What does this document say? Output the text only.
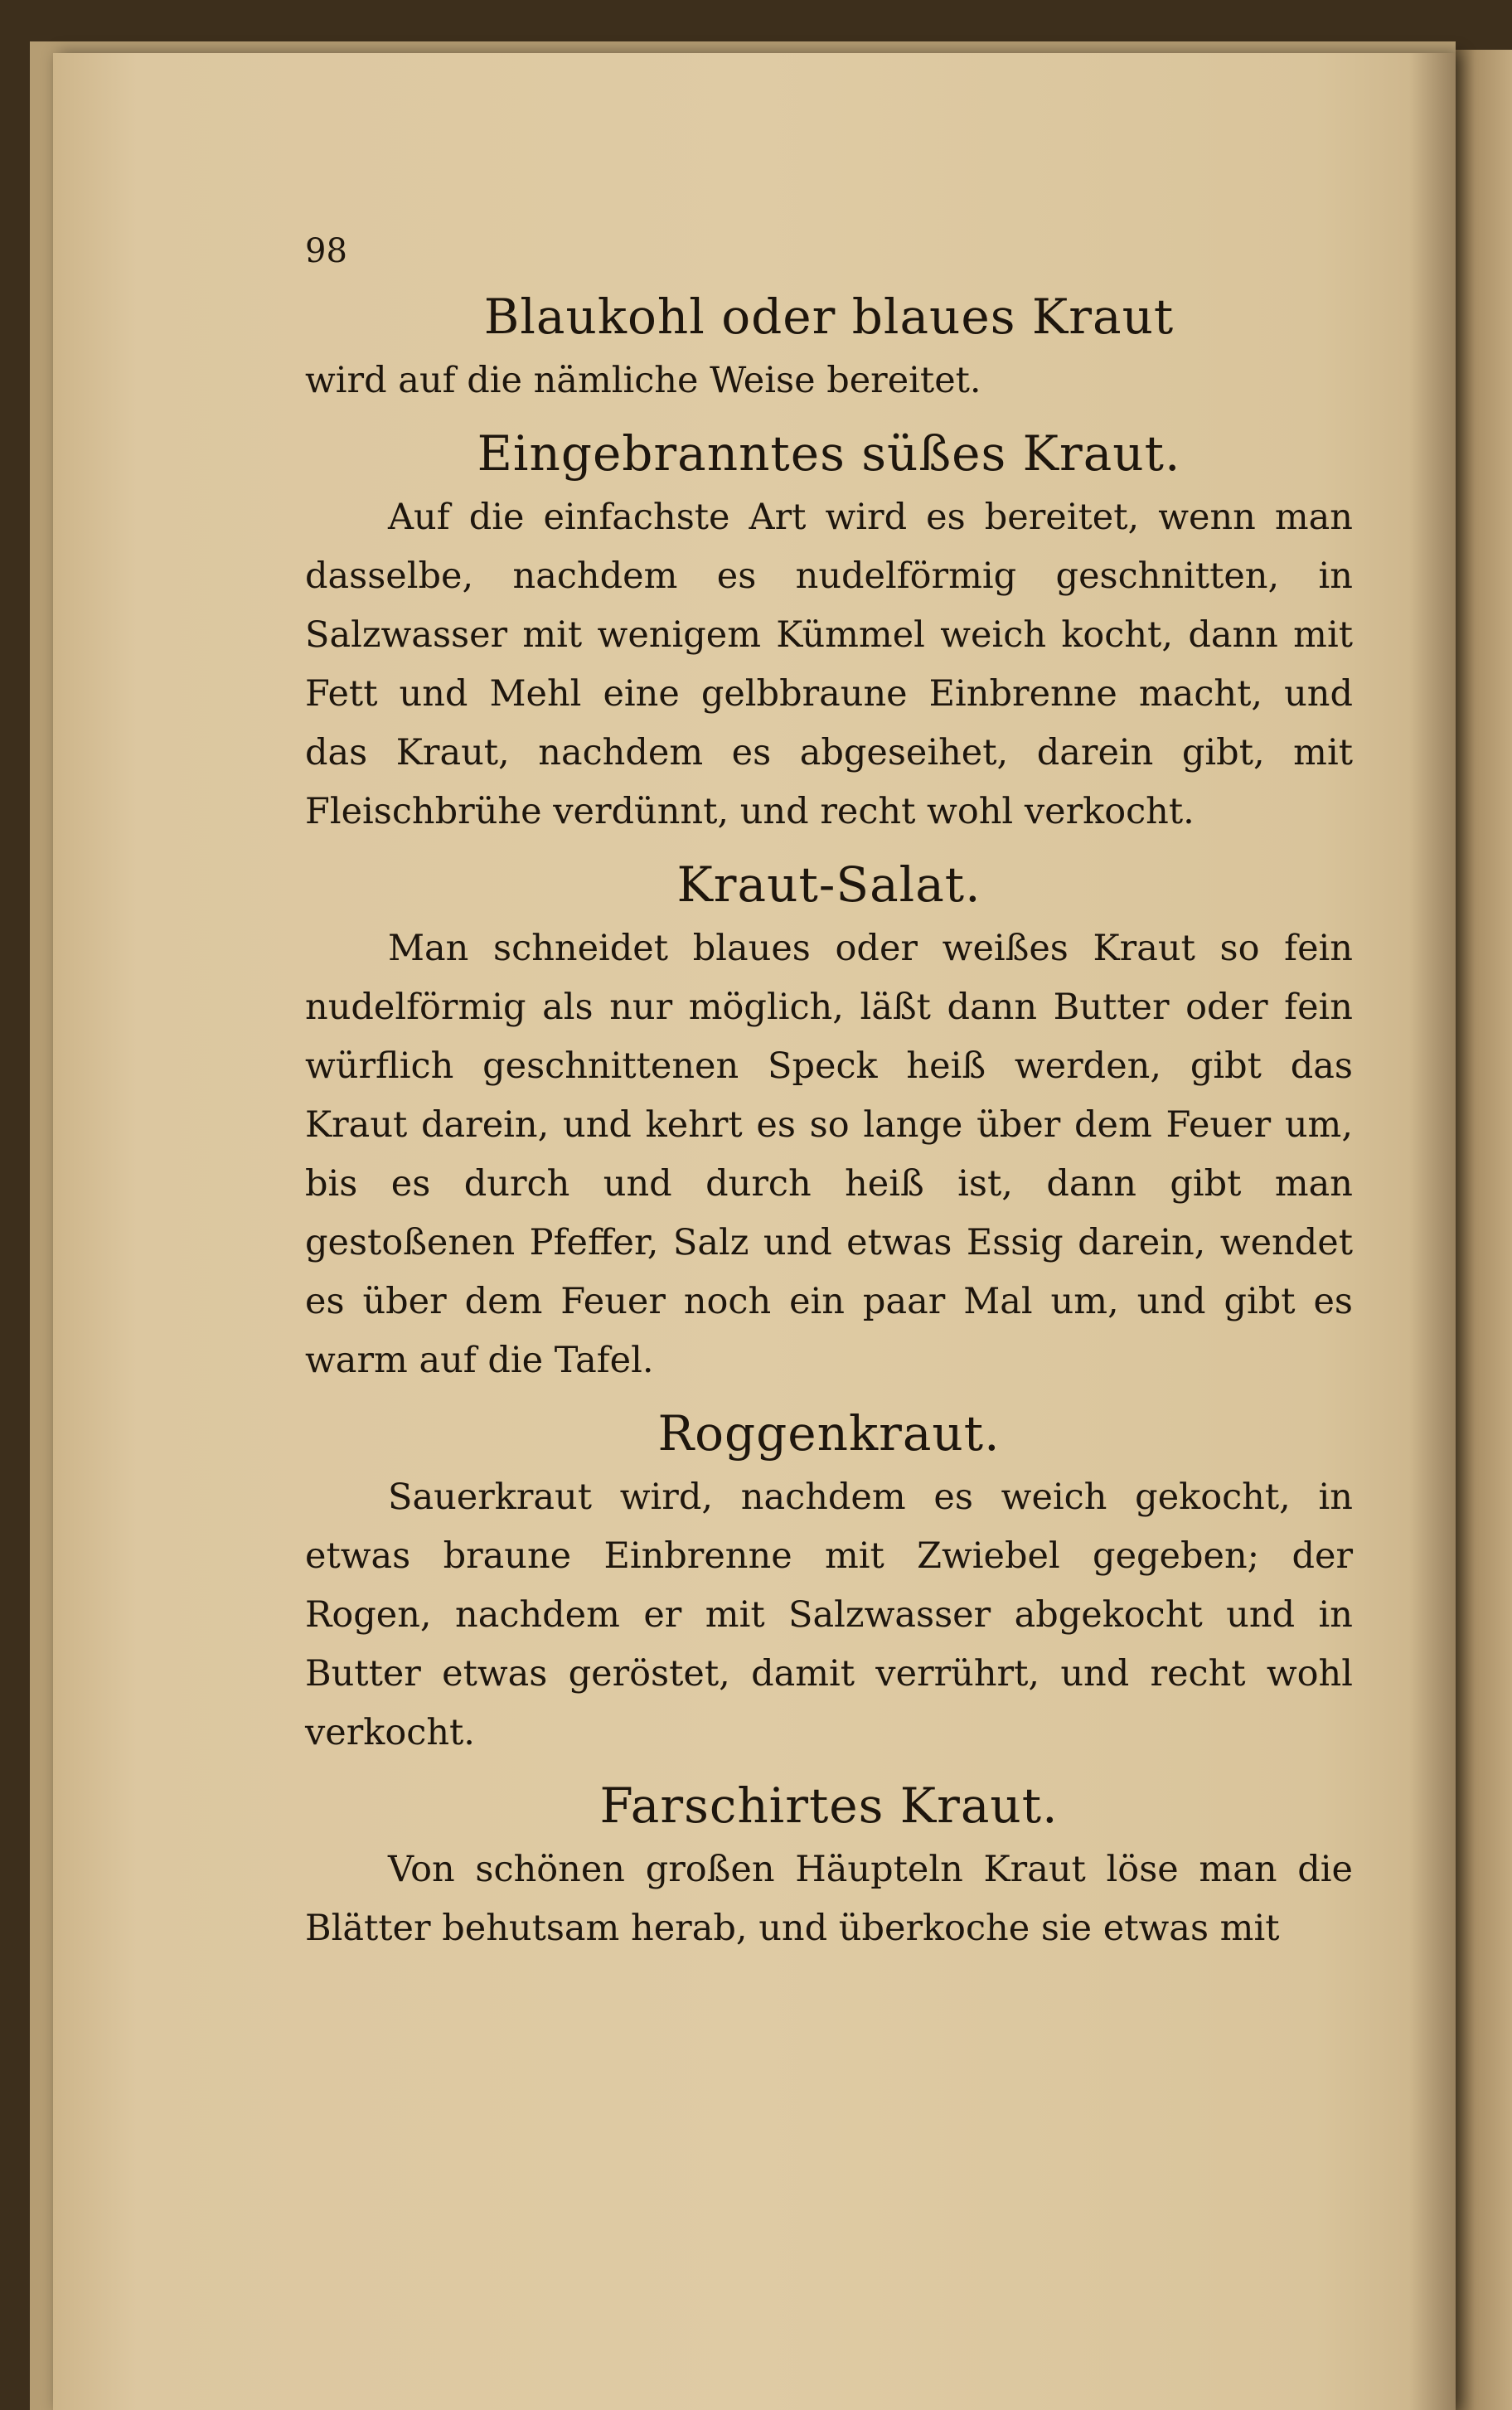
98
Blaukohl oder blaues Kraut

wird auf die nämliche Weise bereitet.

Eingebranntes süßes Kraut.

Auf die einfachste Art wird es bereitet, wenn man dasselbe, nachdem es nudelförmig geschnitten, in Salzwasser mit wenigem Kümmel weich kocht, dann mit Fett und Mehl eine gelbbraune Einbrenne macht, und das Kraut, nachdem es abgeseihet, darein gibt, mit Fleischbrühe verdünnt, und recht wohl verkocht.

Kraut-Salat.

Man schneidet blaues oder weißes Kraut so fein nudelförmig als nur möglich, läßt dann Butter oder fein würflich geschnittenen Speck heiß werden, gibt das Kraut darein, und kehrt es so lange über dem Feuer um, bis es durch und durch heiß ist, dann gibt man gestoßenen Pfeffer, Salz und etwas Essig darein, wendet es über dem Feuer noch ein paar Mal um, und gibt es warm auf die Tafel.

Roggenkraut.

Sauerkraut wird, nachdem es weich gekocht, in etwas braune Einbrenne mit Zwiebel gegeben; der Rogen, nachdem er mit Salzwasser abgekocht und in Butter etwas geröstet, damit verrührt, und recht wohl verkocht.

Farschirtes Kraut.

Von schönen großen Häupteln Kraut löse man die Blätter behutsam herab, und überkoche sie etwas mit
